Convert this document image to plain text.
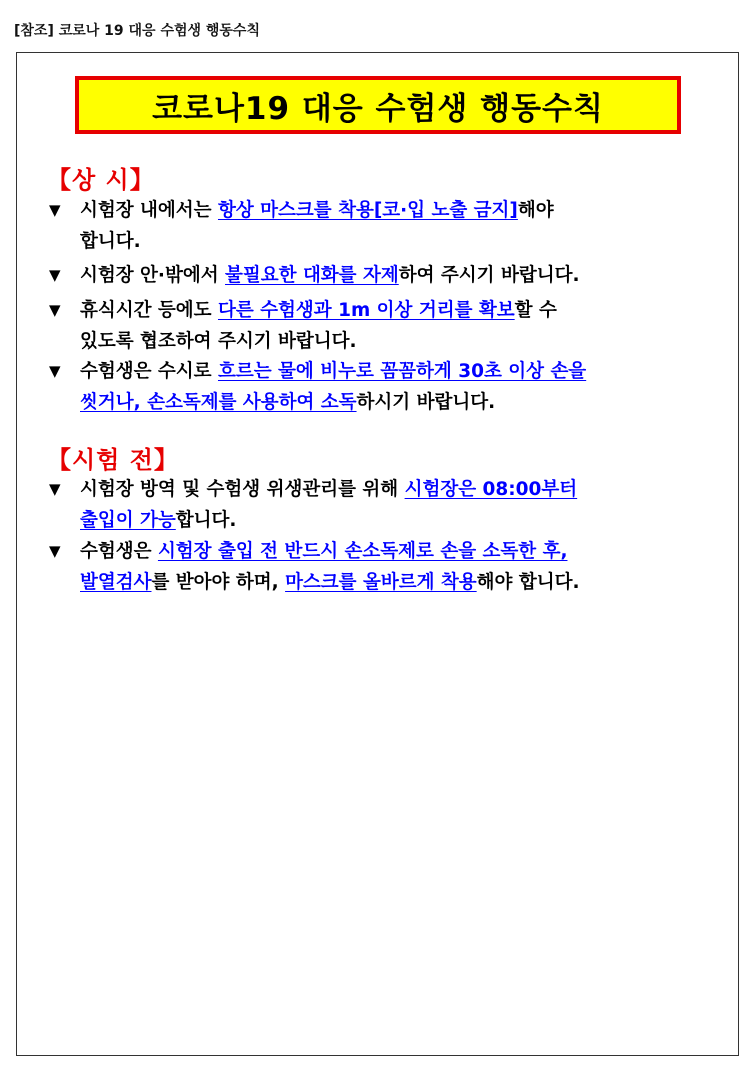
[참조] 코로나 19 대응 수험생 행동수칙
코로나19 대응 수험생 행동수칙
【상 시】
▼ 시험장 내에서는 항상 마스크를 착용[코·입 노출 금지]해야
합니다.
▼ 시험장 안·밖에서 불필요한 대화를 자제하여 주시기 바랍니다.
▼ 휴식시간 등에도 다른 수험생과 1m 이상 거리를 확보할 수
있도록 협조하여 주시기 바랍니다.
▼ 수험생은 수시로 흐르는 물에 비누로 꼼꼼하게 30초 이상 손을
씻거나, 손소독제를 사용하여 소독하시기 바랍니다.
【시험 전】
▼ 시험장 방역 및 수험생 위생관리를 위해 시험장은 08:00부터
출입이 가능합니다.
▼ 수험생은 시험장 출입 전 반드시 손소독제로 손을 소독한 후,
발열검사를 받아야 하며, 마스크를 올바르게 착용해야 합니다.
